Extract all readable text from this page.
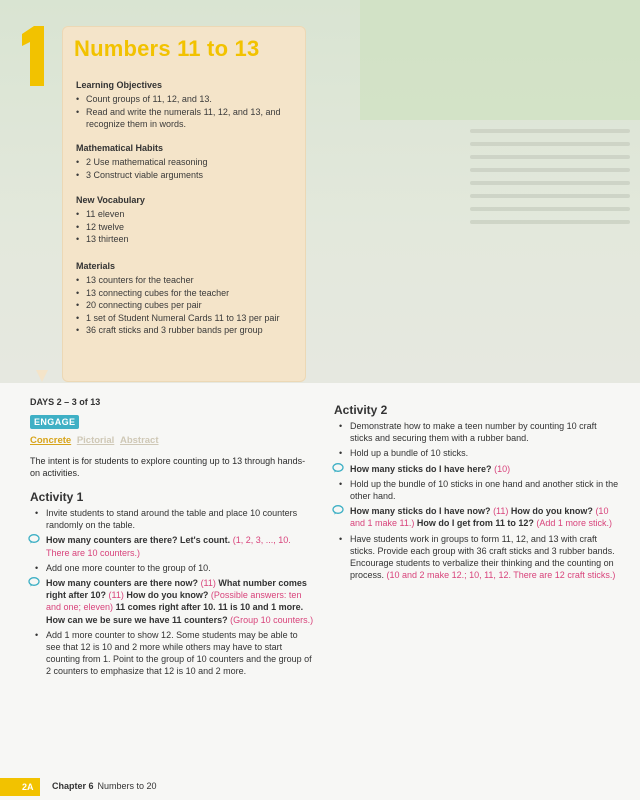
Numbers 11 to 13
Learning Objectives
• Count groups of 11, 12, and 13.
• Read and write the numerals 11, 12, and 13, and recognize them in words.
Mathematical Habits
• 2 Use mathematical reasoning
• 3 Construct viable arguments
New Vocabulary
• 11 eleven
• 12 twelve
• 13 thirteen
Materials
• 13 counters for the teacher
• 13 connecting cubes for the teacher
• 20 connecting cubes per pair
• 1 set of Student Numeral Cards 11 to 13 per pair
• 36 craft sticks and 3 rubber bands per group
DAYS 2 – 3 of 13
ENGAGE
Concrete Pictorial Abstract
The intent is for students to explore counting up to 13 through hands-on activities.
Activity 1
• Invite students to stand around the table and place 10 counters randomly on the table.
How many counters are there? Let's count. (1, 2, 3, ..., 10. There are 10 counters.)
• Add one more counter to the group of 10.
How many counters are there now? (11) What number comes right after 10? (11) How do you know? (Possible answers: ten and one; eleven) 11 comes right after 10. 11 is 10 and 1 more. How can we be sure we have 11 counters? (Group 10 counters.)
• Add 1 more counter to show 12. Some students may be able to see that 12 is 10 and 2 more while others may have to start counting from 1. Point to the group of 10 counters and the group of 2 counters to emphasize that 12 is 10 and 2 more.
Activity 2
• Demonstrate how to make a teen number by counting 10 craft sticks and securing them with a rubber band.
• Hold up a bundle of 10 sticks.
How many sticks do I have here? (10)
• Hold up the bundle of 10 sticks in one hand and another stick in the other hand.
How many sticks do I have now? (11) How do you know? (10 and 1 make 11.) How do I get from 11 to 12? (Add 1 more stick.)
• Have students work in groups to form 11, 12, and 13 with craft sticks. Provide each group with 36 craft sticks and 3 rubber bands. Encourage students to verbalize their thinking and the counting on process. (10 and 2 make 12.; 10, 11, 12. There are 12 craft sticks.)
2A	Chapter 6 Numbers to 20
